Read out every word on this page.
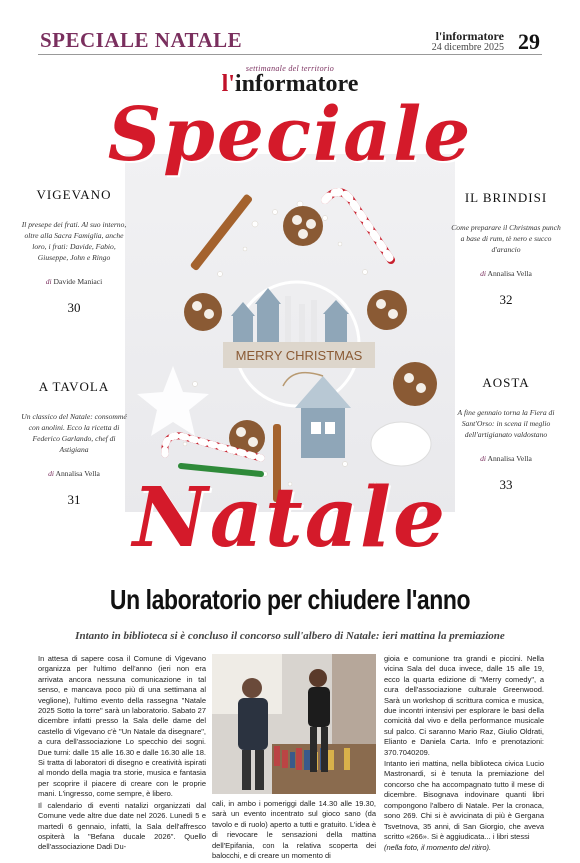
SPECIALE NATALE	l'informatore
24 dicembre 2025 29
settimanale del territorio
l'informatore
MERRY CHRISTMAS
Speciale
Natale
VIGEVANO
Il presepe dei frati. Al suo interno, oltre alla Sacra Famiglia, anche loro, i frati: Davide, Fabio, Giuseppe, John e Ringo
di Davide Maniaci
30
A TAVOLA
Un classico del Natale: consommé con anolini. Ecco la ricetta di Federico Garlando, chef di Astigiana
di Annalisa Vella
31
IL BRINDISI
Come preparare il Christmas punch a base di rum, tè nero e succo d'arancio
di Annalisa Vella
32
AOSTA
A fine gennaio torna la Fiera di Sant'Orso: in scena il meglio dell'artigianato valdostano
di Annalisa Vella
33
Un laboratorio per chiudere l'anno
Intanto in biblioteca si è concluso il concorso sull'albero di Natale: ieri mattina la premiazione

In attesa di sapere cosa il Comune di Vigevano organizza per l'ultimo dell'anno (ieri non era arrivata ancora nessuna comunicazione in tal senso, e mancava poco più di una settimana al veglione), l'ultimo evento della rassegna "Natale 2025 Sotto la torre" sarà un laboratorio. Sabato 27 dicembre infatti presso la Sala delle dame del castello di Vigevano c'è "Un Natale da disegnare", a cura dell'associazione Lo specchio dei sogni. Due turni: dalle 15 alle 16.30 e dalle 16.30 alle 18. Si tratta di laboratori di disegno e creatività ispirati al mondo della magia tra storie, musica e fantasia per scoprire il piacere di creare con le proprie mani. L'ingresso, come sempre, è libero.

Il calendario di eventi natalizi organizzati dal Comune vede altre due date nel 2026. Lunedì 5 e martedì 6 gennaio, infatti, la Sala dell'affresco ospiterà la "Befana ducale 2026". Quello dell'associazione Dadi Du-

cali, in ambo i pomeriggi dalle 14.30 alle 19.30, sarà un evento incentrato sul gioco sano (da tavolo e di ruolo) aperto a tutti e gratuito. L'idea è di rievocare le sensazioni della mattina dell'Epifania, con la relativa scoperta dei balocchi, e di creare un momento di

gioia e comunione tra grandi e piccini. Nella vicina Sala del duca invece, dalle 15 alle 19, ecco la quarta edizione di "Merry comedy", a cura dell'associazione culturale Greenwood. Sarà un workshop di scrittura comica e musica, due incontri intensivi per esplorare le basi della comicità dal vivo e della performance musicale sul palco. Ci saranno Mario Raz, Giulio Oldrati, Elianto e Daniela Carta. Info e prenotazioni: 370.7040209.

Intanto ieri mattina, nella biblioteca civica Lucio Mastronardi, si è tenuta la premiazione del concorso che ha accompagnato tutto il mese di dicembre. Bisognava indovinare quanti libri compongono l'albero di Natale. Per la cronaca, sono 269. Chi si è avvicinata di più è Gergana Tsvetnova, 35 anni, di San Giorgio, che aveva scritto «266». Si è aggiudicata... i libri stessi

(nella foto, il momento del ritiro).
